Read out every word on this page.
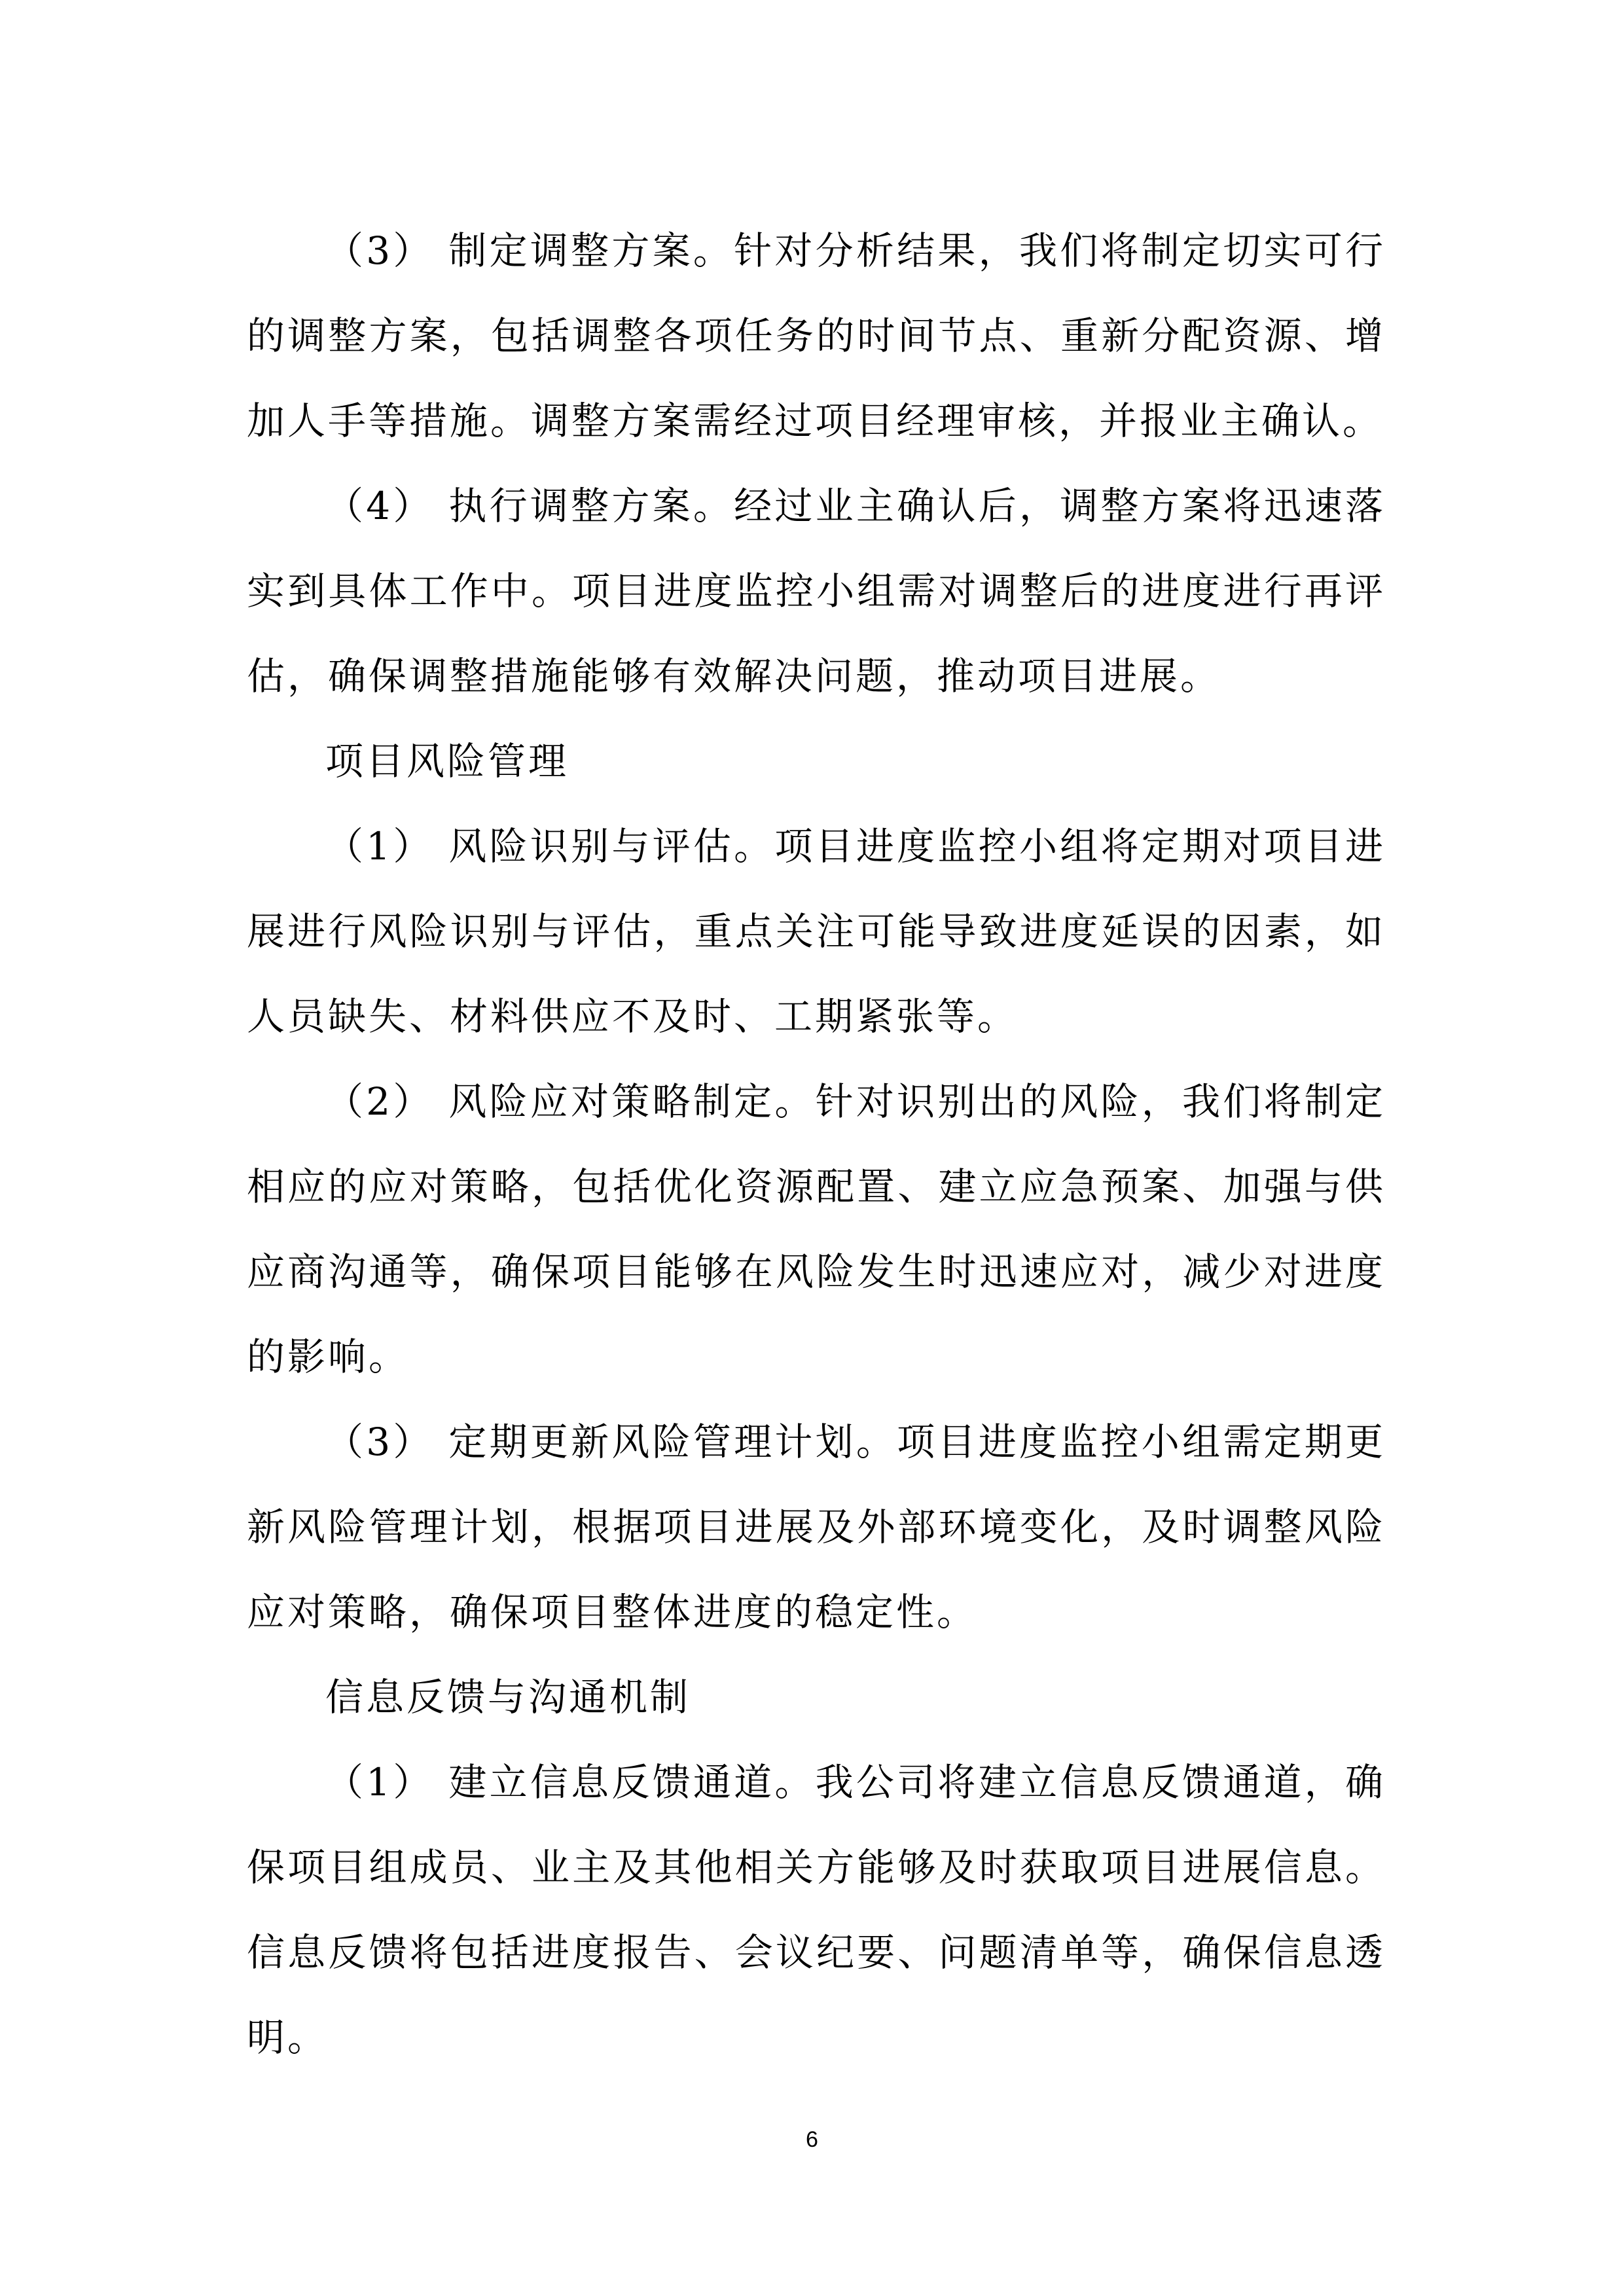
（3） 制定调整方案。针对分析结果，我们将制定切实可行的调整方案，包括调整各项任务的时间节点、重新分配资源、增加人手等措施。调整方案需经过项目经理审核，并报业主确认。

（4） 执行调整方案。经过业主确认后，调整方案将迅速落实到具体工作中。项目进度监控小组需对调整后的进度进行再评估，确保调整措施能够有效解决问题，推动项目进展。

项目风险管理

（1） 风险识别与评估。项目进度监控小组将定期对项目进展进行风险识别与评估，重点关注可能导致进度延误的因素，如人员缺失、材料供应不及时、工期紧张等。

（2） 风险应对策略制定。针对识别出的风险，我们将制定相应的应对策略，包括优化资源配置、建立应急预案、加强与供应商沟通等，确保项目能够在风险发生时迅速应对，减少对进度的影响。

（3） 定期更新风险管理计划。项目进度监控小组需定期更新风险管理计划，根据项目进展及外部环境变化，及时调整风险应对策略，确保项目整体进度的稳定性。

信息反馈与沟通机制

（1） 建立信息反馈通道。我公司将建立信息反馈通道，确保项目组成员、业主及其他相关方能够及时获取项目进展信息。信息反馈将包括进度报告、会议纪要、问题清单等，确保信息透明。

6
